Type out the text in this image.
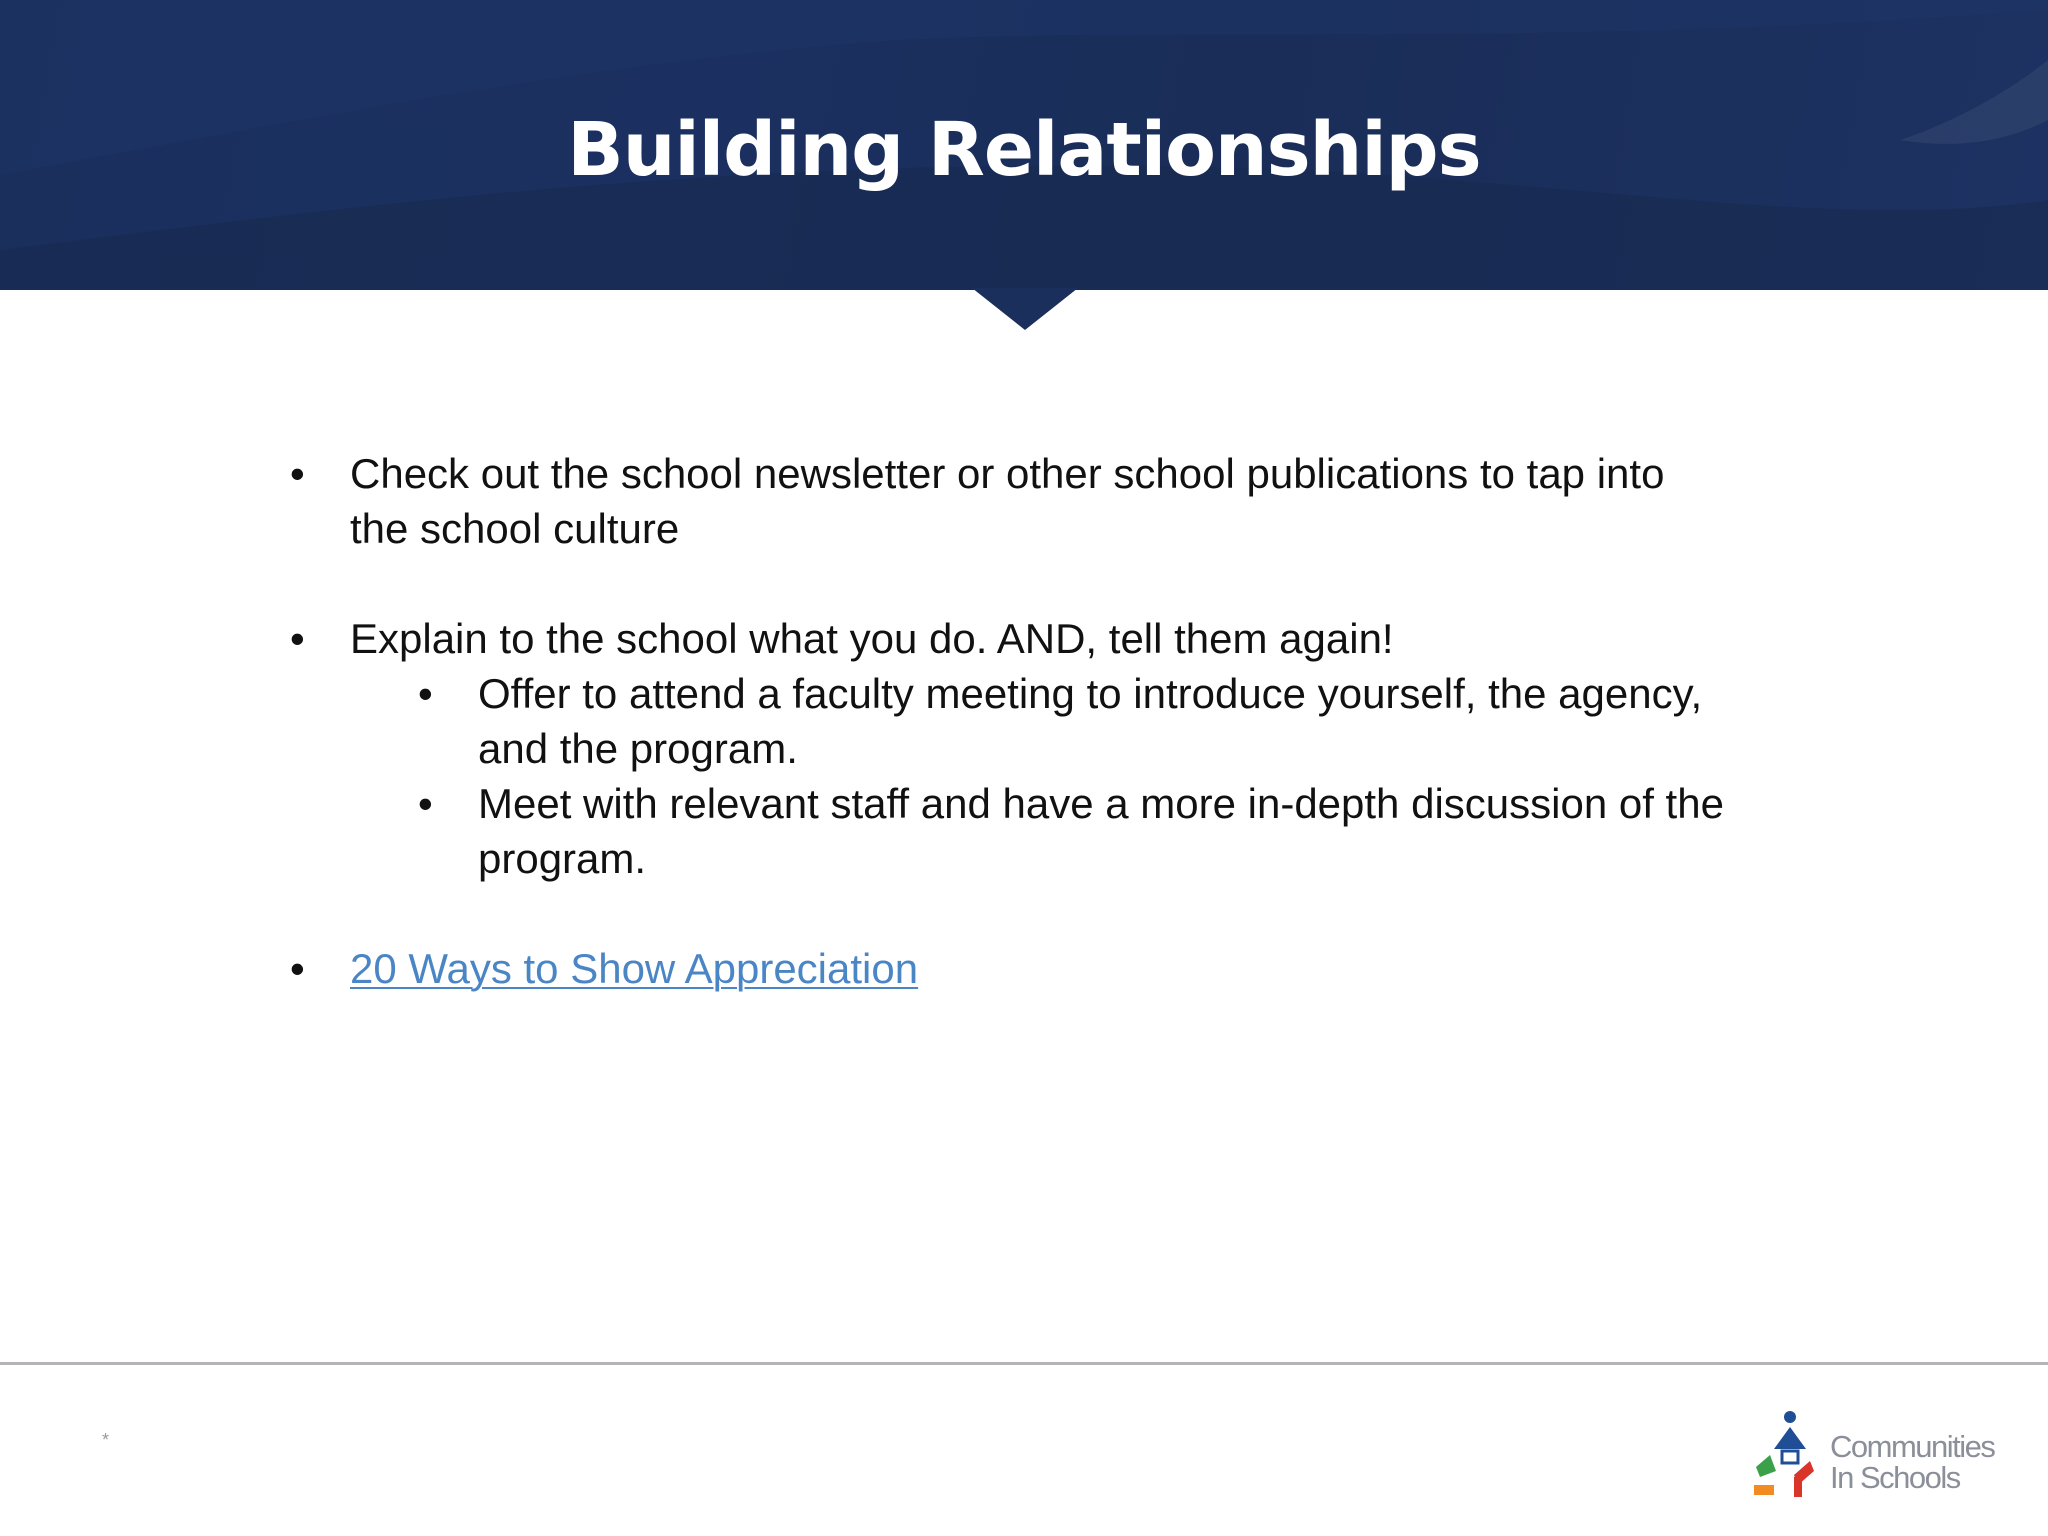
Building Relationships
• Check out the school newsletter or other school publications to tap into
the school culture
• Explain to the school what you do. AND, tell them again!
• Offer to attend a faculty meeting to introduce yourself, the agency,
and the program.
• Meet with relevant staff and have a more in-depth discussion of the
program.
• 20 Ways to Show Appreciation
*	Communities
In Schools
